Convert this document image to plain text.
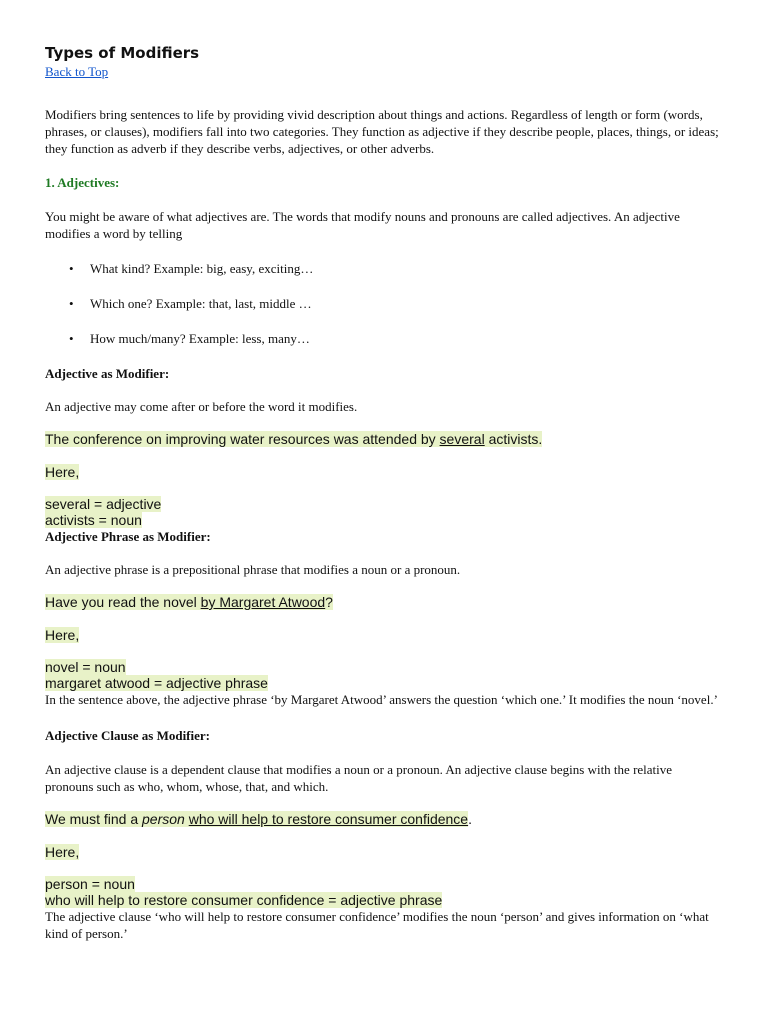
Types of Modifiers
Back to Top

Modifiers bring sentences to life by providing vivid description about things and actions. Regardless of length or form (words, phrases, or clauses), modifiers fall into two categories. They function as adjective if they describe people, places, things, or ideas; they function as adverb if they describe verbs, adjectives, or other adverbs.

1. Adjectives:

You might be aware of what adjectives are. The words that modify nouns and pronouns are called adjectives. An adjective modifies a word by telling

• What kind? Example: big, easy, exciting…
• Which one? Example: that, last, middle …
• How much/many? Example: less, many…

Adjective as Modifier:

An adjective may come after or before the word it modifies.

The conference on improving water resources was attended by several activists.

Here,

several = adjective

activists = noun

Adjective Phrase as Modifier:

An adjective phrase is a prepositional phrase that modifies a noun or a pronoun.

Have you read the novel by Margaret Atwood?

Here,

novel = noun

margaret atwood = adjective phrase

In the sentence above, the adjective phrase ‘by Margaret Atwood’ answers the question ‘which one.’ It modifies the noun ‘novel.’

Adjective Clause as Modifier:

An adjective clause is a dependent clause that modifies a noun or a pronoun. An adjective clause begins with the relative pronouns such as who, whom, whose, that, and which.

We must find a person who will help to restore consumer confidence.

Here,

person = noun

who will help to restore consumer confidence = adjective phrase

The adjective clause ‘who will help to restore consumer confidence’ modifies the noun ‘person’ and gives information on ‘what kind of person.’
